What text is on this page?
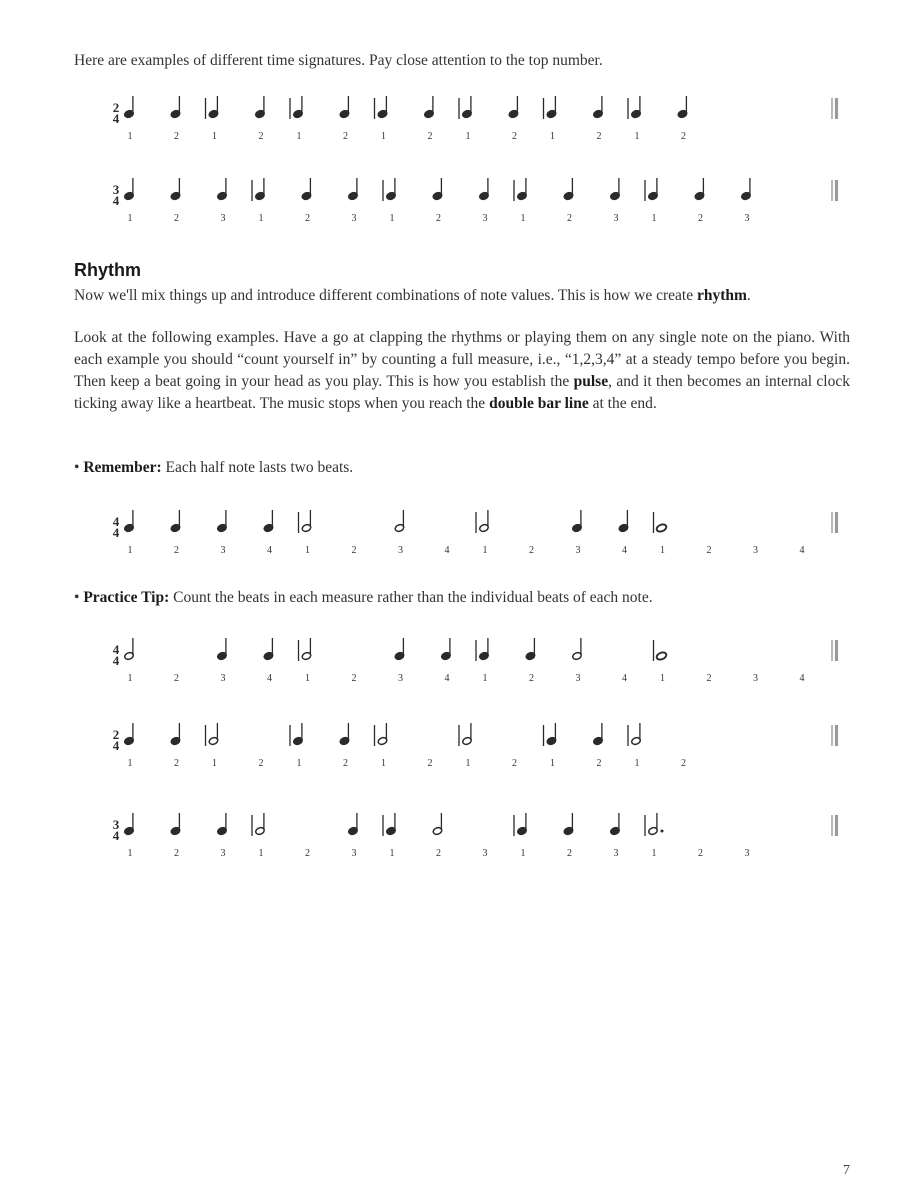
Here are examples of different time signatures. Pay close attention to the top number.

2
4
1	2	1	2	1	2	1	2	1	2	1	2	1	2
3
4
1	2	3	1	2	3	1	2	3	1	2	3	1	2	3
Rhythm

Now we'll mix things up and introduce different combinations of note values. This is how we create rhythm.

Look at the following examples. Have a go at clapping the rhythms or playing them on any single note on the piano. With each example you should “count yourself in” by counting a full measure, i.e., “1,2,3,4” at a steady tempo before you begin. Then keep a beat going in your head as you play. This is how you establish the pulse, and it then becomes an internal clock ticking away like a heartbeat. The music stops when you reach the double bar line at the end.

• Remember: Each half note lasts two beats.

4
4
1	2	3	4	1	2	3	4	1	2	3	4	1	2	3	4

• Practice Tip: Count the beats in each measure rather than the individual beats of each note.

4
4
1	2	3	4	1	2	3	4	1	2	3	4	1	2	3	4
2
4
1	2	1	2	1	2	1	2	1	2	1	2	1	2
3
4
1	2	3	1	2	3	1	2	3	1	2	3	1	2	3
7
